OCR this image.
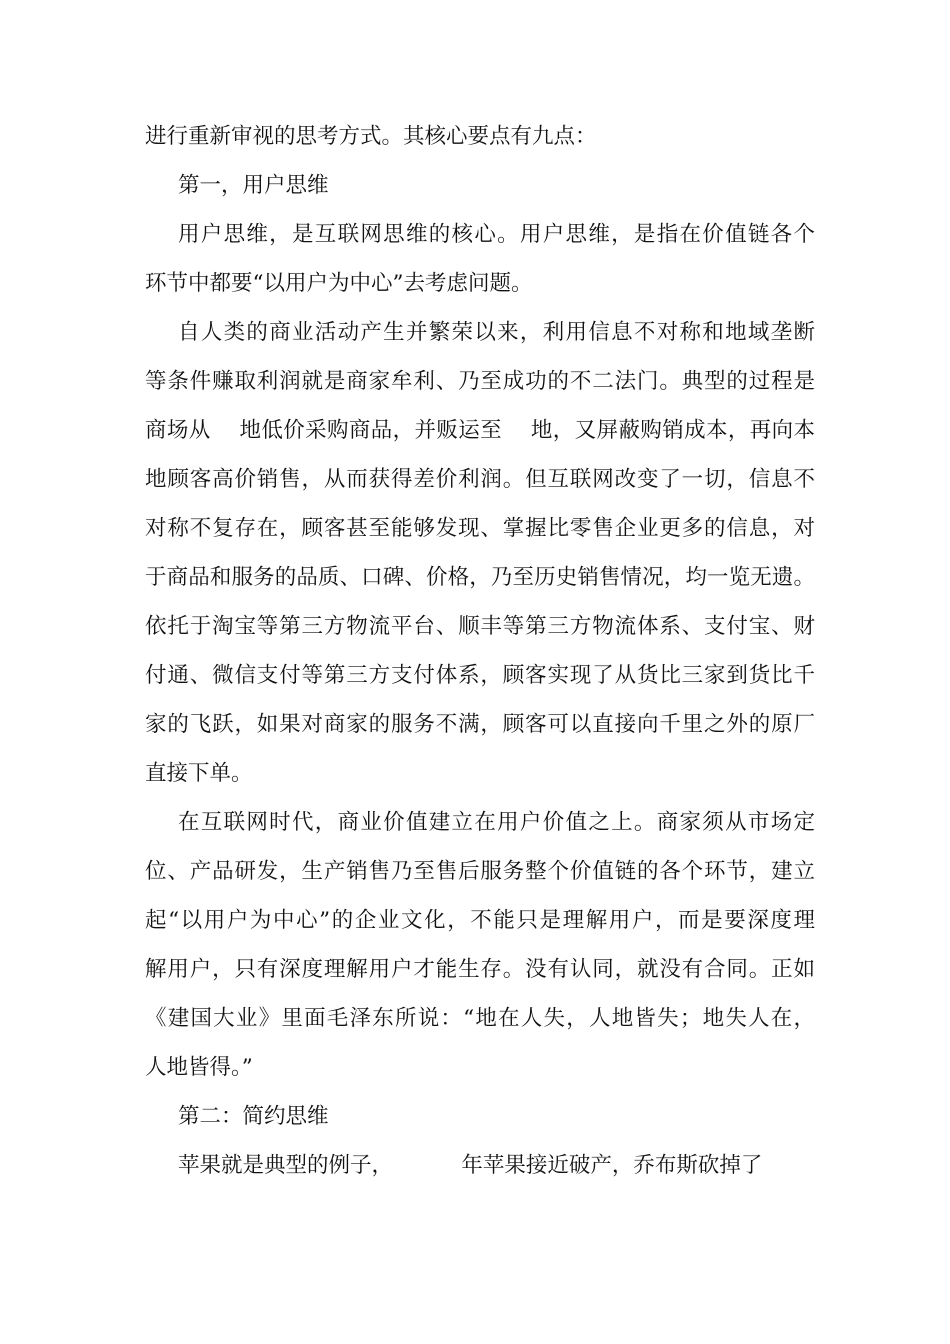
进行重新审视的思考方式。其核心要点有九点：

第一，用户思维

用户思维，是互联网思维的核心。用户思维，是指在价值链各个

环节中都要“以用户为中心”去考虑问题。

自人类的商业活动产生并繁荣以来，利用信息不对称和地域垄断

等条件赚取利润就是商家牟利、乃至成功的不二法门。典型的过程是

商场从    地低价采购商品，并贩运至    地，又屏蔽购销成本，再向本

地顾客高价销售，从而获得差价利润。但互联网改变了一切，信息不

对称不复存在，顾客甚至能够发现、掌握比零售企业更多的信息，对

于商品和服务的品质、口碑、价格，乃至历史销售情况，均一览无遗。

依托于淘宝等第三方物流平台、顺丰等第三方物流体系、支付宝、财

付通、微信支付等第三方支付体系，顾客实现了从货比三家到货比千

家的飞跃，如果对商家的服务不满，顾客可以直接向千里之外的原厂

直接下单。

在互联网时代，商业价值建立在用户价值之上。商家须从市场定

位、产品研发，生产销售乃至售后服务整个价值链的各个环节，建立

起“以用户为中心”的企业文化，不能只是理解用户，而是要深度理

解用户，只有深度理解用户才能生存。没有认同，就没有合同。正如

《建国大业》里面毛泽东所说：“地在人失，人地皆失；地失人在，

人地皆得。”

第二：简约思维

苹果就是典型的例子，          年苹果接近破产，乔布斯砍掉了
